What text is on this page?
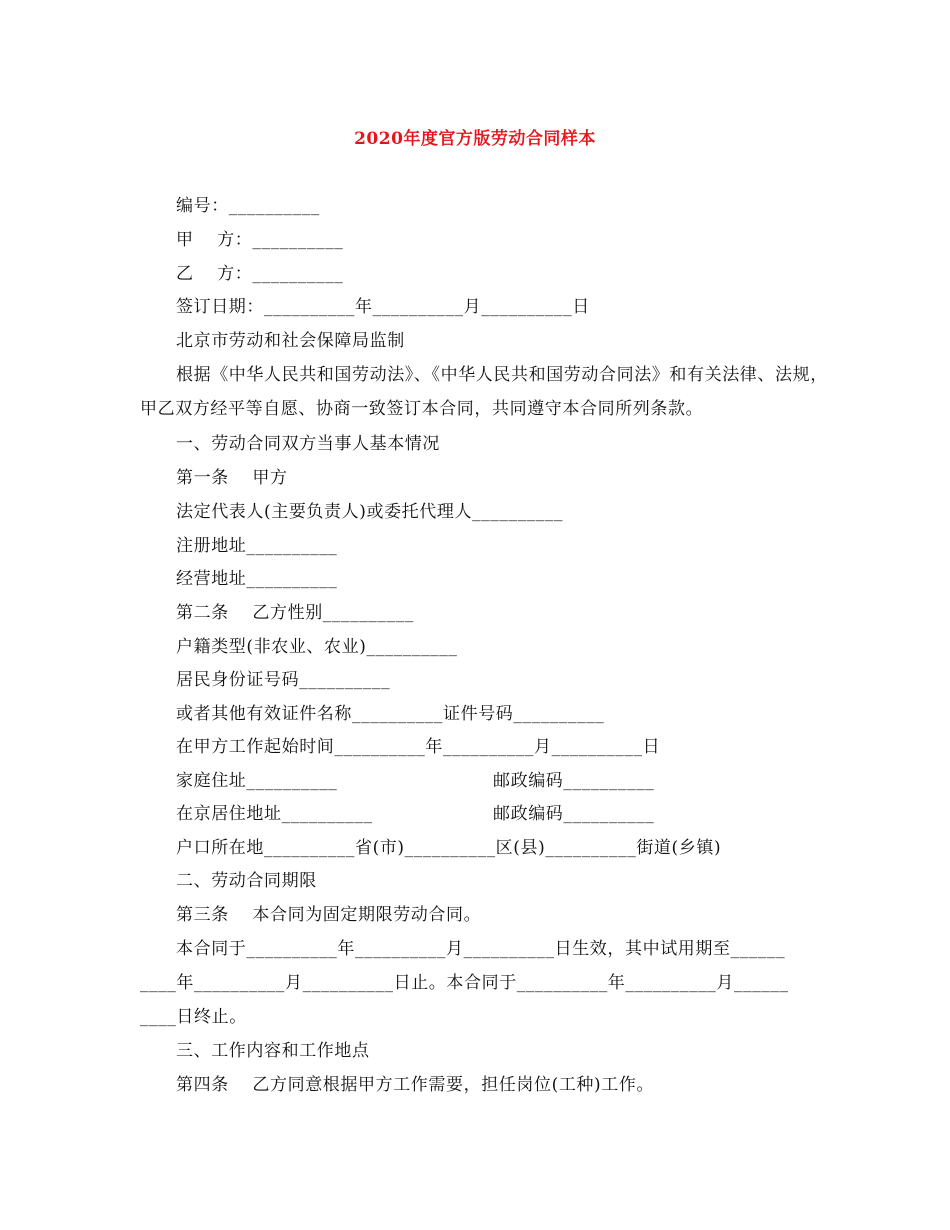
2020年度官方版劳动合同样本
编号：__________
甲　 方：__________
乙　 方：__________
签订日期：__________年__________月__________日
北京市劳动和社会保障局监制
根据《中华人民共和国劳动法》、《中华人民共和国劳动合同法》和有关法律、法规，甲乙双方经平等自愿、协商一致签订本合同，共同遵守本合同所列条款。
一、劳动合同双方当事人基本情况
第一条　 甲方
法定代表人(主要负责人)或委托代理人__________
注册地址__________
经营地址__________
第二条　 乙方性别__________
户籍类型(非农业、农业)__________
居民身份证号码__________
或者其他有效证件名称__________证件号码__________
在甲方工作起始时间__________年__________月__________日
家庭住址__________	邮政编码__________
在京居住地址__________	邮政编码__________
户口所在地__________省(市)__________区(县)__________街道(乡镇)
二、劳动合同期限
第三条　 本合同为固定期限劳动合同。
本合同于__________年__________月__________日生效，其中试用期至______
____年__________月__________日止。本合同于__________年__________月______
____日终止。
三、工作内容和工作地点
第四条　 乙方同意根据甲方工作需要，担任岗位(工种)工作。
